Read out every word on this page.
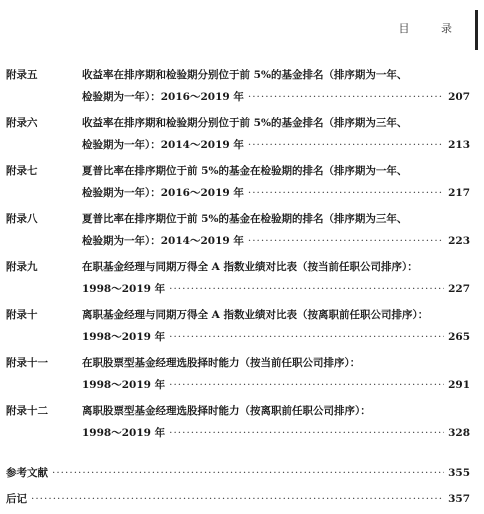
目 录
附录五	收益率在排序期和检验期分别位于前 5%的基金排名（排序期为一年、
检验期为一年）：2016～2019 年 ·····	207
附录六	收益率在排序期和检验期分别位于前 5%的基金排名（排序期为三年、
检验期为一年）：2014～2019 年 ·····	213
附录七	夏普比率在排序期位于前 5%的基金在检验期的排名（排序期为一年、
检验期为一年）：2016～2019 年 ·····	217
附录八	夏普比率在排序期位于前 5%的基金在检验期的排名（排序期为三年、
检验期为一年）：2014～2019 年 ·····	223
附录九	在职基金经理与同期万得全 A 指数业绩对比表（按当前任职公司排序）：
1998～2019 年 ·····	227
附录十	离职基金经理与同期万得全 A 指数业绩对比表（按离职前任职公司排序）：
1998～2019 年 ·····	265
附录十一	在职股票型基金经理选股择时能力（按当前任职公司排序）：
1998～2019 年 ·····	291
附录十二	离职股票型基金经理选股择时能力（按离职前任职公司排序）：
1998～2019 年 ·····	328
参考文献 ·····	355
后记 ·····	357
